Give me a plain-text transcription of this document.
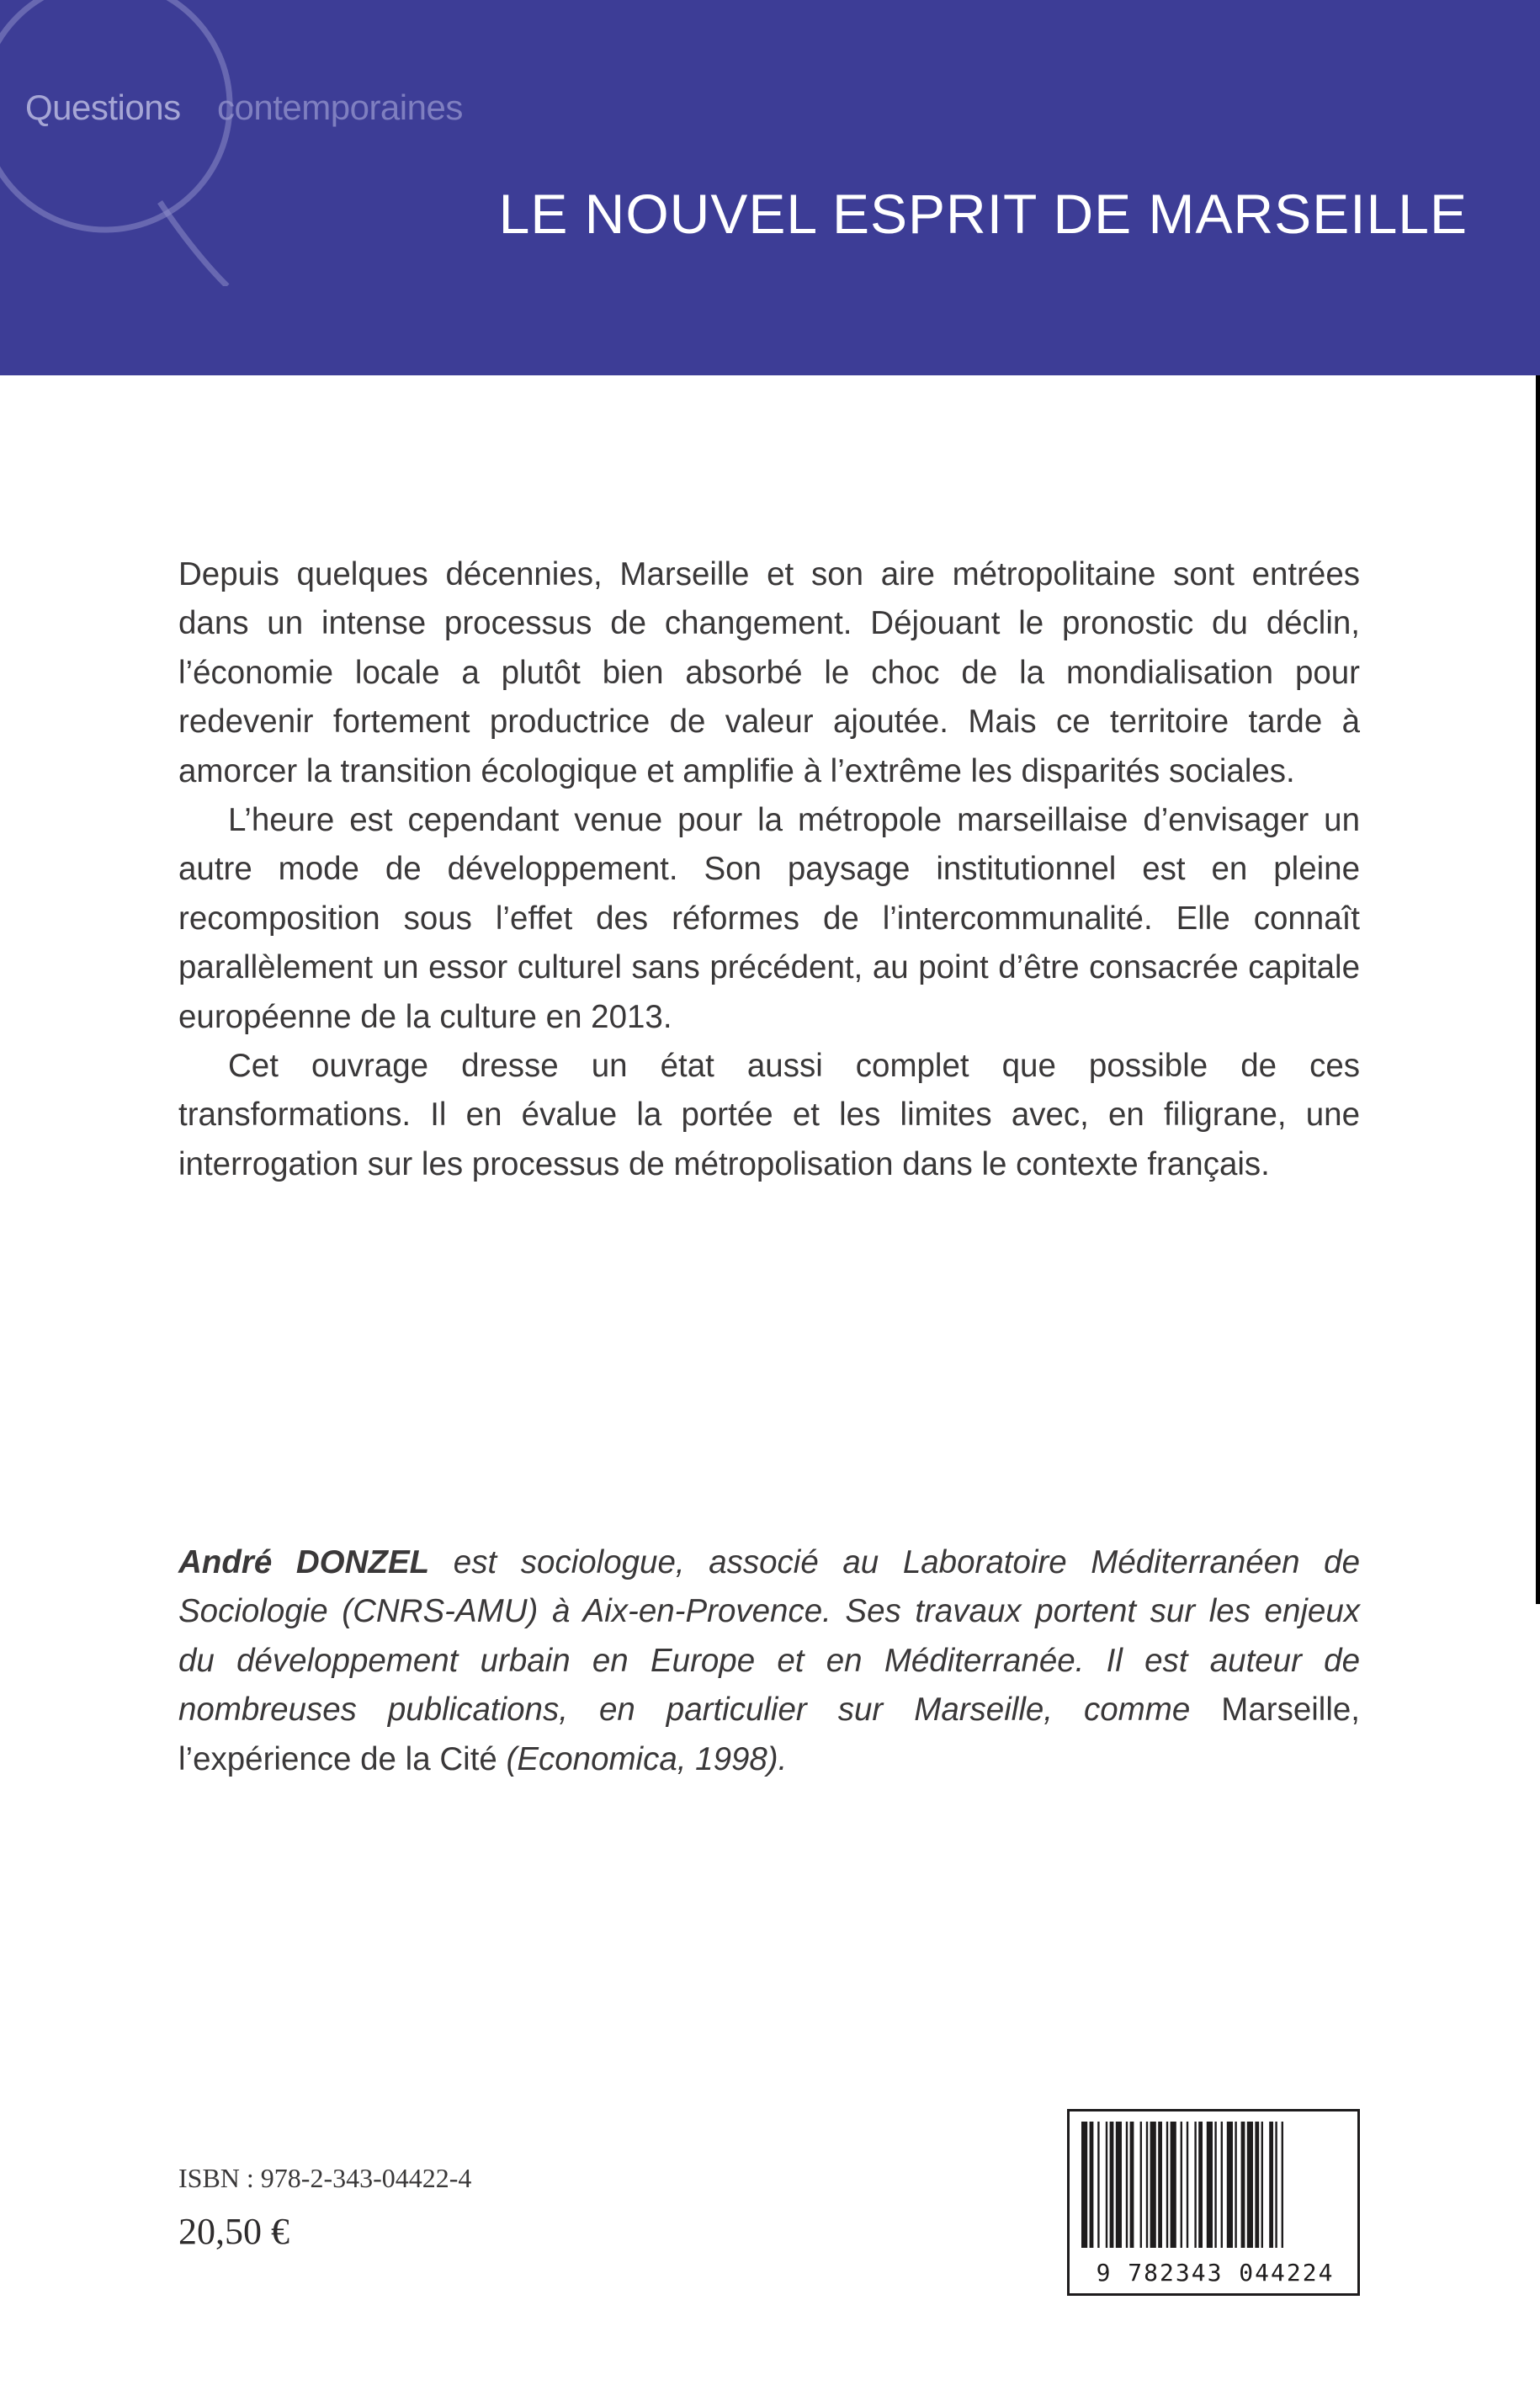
Questions contemporaines
LE NOUVEL ESPRIT DE MARSEILLE

Depuis quelques décennies, Marseille et son aire métropolitaine sont entrées dans un intense processus de changement. Déjouant le pronostic du déclin, l’économie locale a plutôt bien absorbé le choc de la mondialisation pour redevenir fortement productrice de valeur ajoutée. Mais ce territoire tarde à amorcer la transition écologique et amplifie à l’extrême les disparités sociales.

L’heure est cependant venue pour la métropole marseillaise d’envisager un autre mode de développement. Son paysage institutionnel est en pleine recomposition sous l’effet des réformes de l’intercommunalité. Elle connaît parallèlement un essor culturel sans précédent, au point d’être consacrée capitale européenne de la culture en 2013.

Cet ouvrage dresse un état aussi complet que possible de ces transformations. Il en évalue la portée et les limites avec, en filigrane, une interrogation sur les processus de métropolisation dans le contexte français.

André DONZEL est sociologue, associé au Laboratoire Méditerranéen de Sociologie (CNRS-AMU) à Aix-en-Provence. Ses travaux portent sur les enjeux du développement urbain en Europe et en Méditerranée. Il est auteur de nombreuses publications, en particulier sur Marseille, comme Marseille, l’expérience de la Cité (Economica, 1998).

ISBN : 978-2-343-04422-4
20,50 €
9 782343 044224
